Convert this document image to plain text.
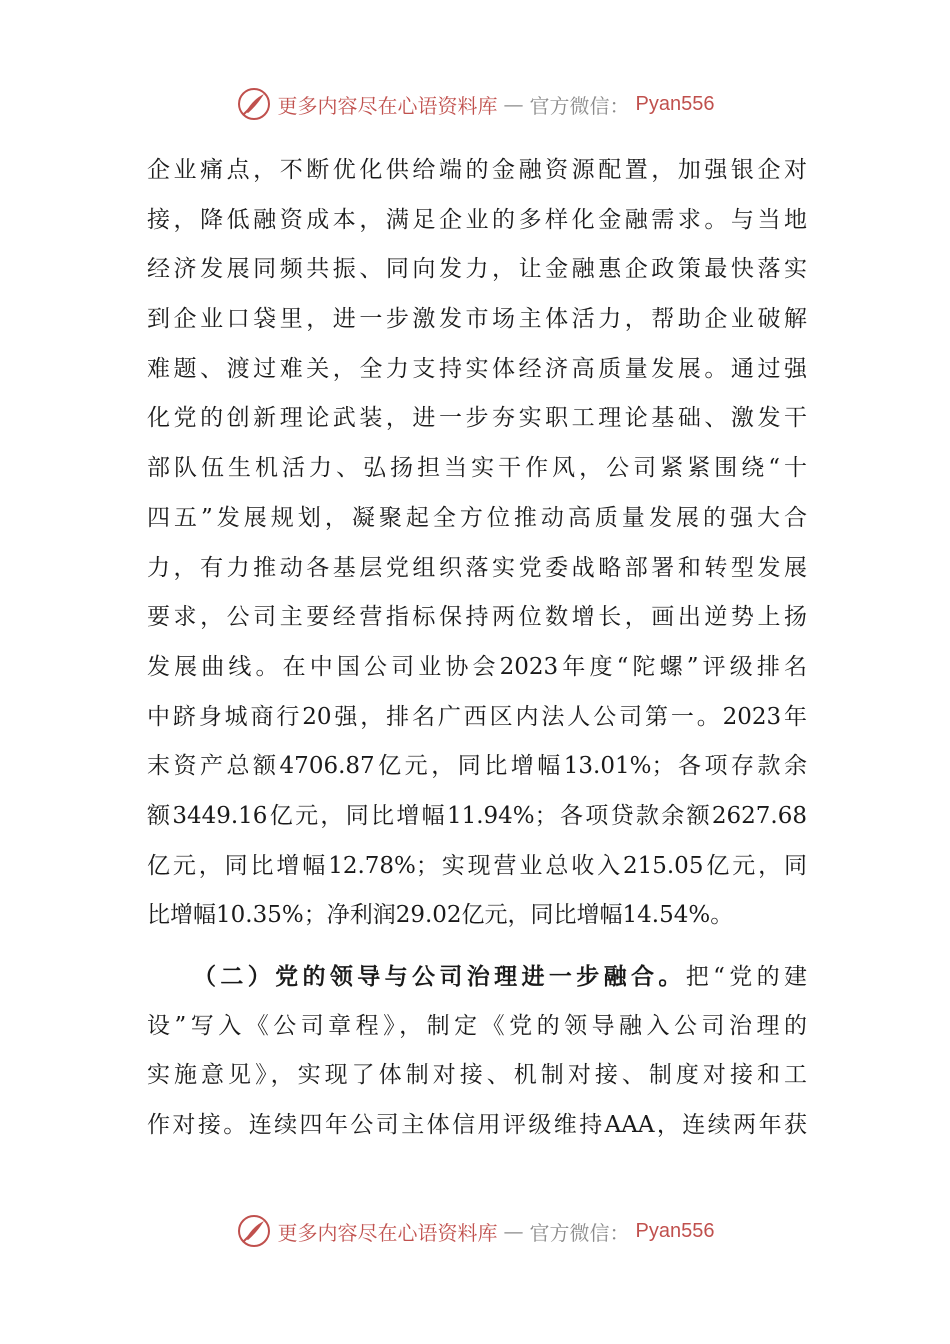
更多内容尽在心语资料库 — 官方微信： Pyan556
企业痛点，不断优化供给端的金融资源配置，加强银企对
接，降低融资成本，满足企业的多样化金融需求。与当地
经济发展同频共振、同向发力，让金融惠企政策最快落实
到企业口袋里，进一步激发市场主体活力，帮助企业破解
难题、渡过难关，全力支持实体经济高质量发展。通过强
化党的创新理论武装，进一步夯实职工理论基础、激发干
部队伍生机活力、弘扬担当实干作风，公司紧紧围绕“十
四五”发展规划，凝聚起全方位推动高质量发展的强大合
力，有力推动各基层党组织落实党委战略部署和转型发展
要求，公司主要经营指标保持两位数增长，画出逆势上扬
发展曲线。在中国公司业协会2023年度“陀螺”评级排名
中跻身城商行20强，排名广西区内法人公司第一。2023年
末资产总额4706.87亿元，同比增幅13.01%；各项存款余
额3449.16亿元，同比增幅11.94%；各项贷款余额2627.68
亿元，同比增幅12.78%；实现营业总收入215.05亿元，同
比增幅10.35%；净利润29.02亿元，同比增幅14.54%。
（二）党的领导与公司治理进一步融合。把“党的建
设”写入《公司章程》，制定《党的领导融入公司治理的
实施意见》，实现了体制对接、机制对接、制度对接和工
作对接。连续四年公司主体信用评级维持AAA，连续两年获
更多内容尽在心语资料库 — 官方微信： Pyan556
